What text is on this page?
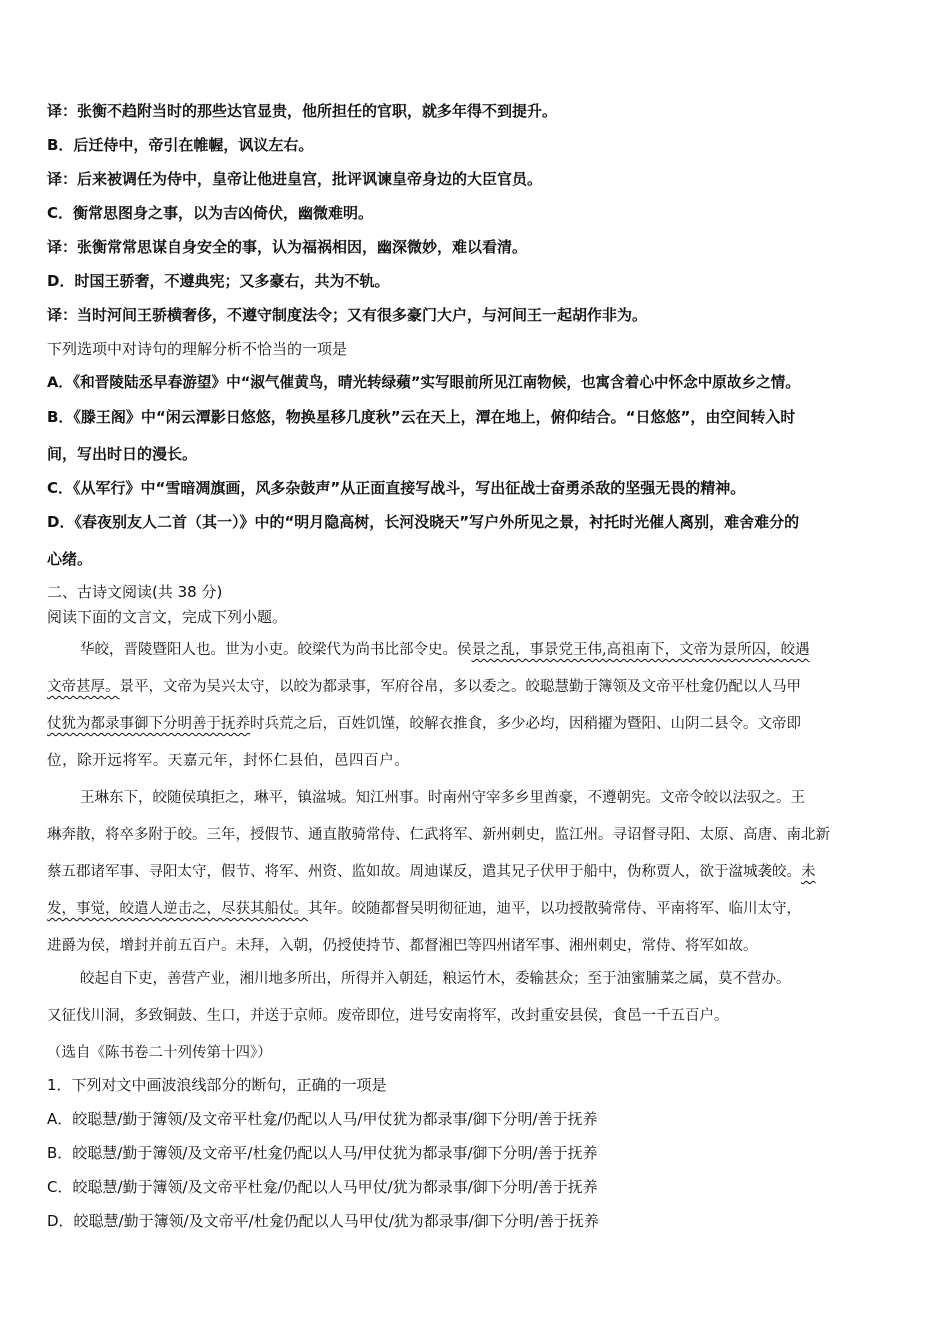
译：张衡不趋附当时的那些达官显贵，他所担任的官职，就多年得不到提升。
B．后迁侍中，帝引在帷幄，讽议左右。
译：后来被调任为侍中，皇帝让他进皇宫，批评讽谏皇帝身边的大臣官员。
C．衡常思图身之事，以为吉凶倚伏，幽微难明。
译：张衡常常思谋自身安全的事，认为福祸相因，幽深微妙，难以看清。
D．时国王骄奢，不遵典宪；又多豪右，共为不轨。
译：当时河间王骄横奢侈，不遵守制度法令；又有很多豪门大户，与河间王一起胡作非为。
下列选项中对诗句的理解分析不恰当的一项是
A．《和晋陵陆丞早春游望》中“淑气催黄鸟，晴光转绿蘋”实写眼前所见江南物候，也寓含着心中怀念中原故乡之情。
B．《滕王阁》中“闲云潭影日悠悠，物换星移几度秋”云在天上，潭在地上，俯仰结合。“日悠悠”，由空间转入时
间，写出时日的漫长。
C．《从军行》中“雪暗凋旗画，风多杂鼓声”从正面直接写战斗，写出征战士奋勇杀敌的坚强无畏的精神。
D．《春夜别友人二首（其一）》中的“明月隐高树，长河没晓天”写户外所见之景，衬托时光催人离别，难舍难分的
心绪。
二、古诗文阅读(共 38 分)
阅读下面的文言文，完成下列小题。
华皎，晋陵暨阳人也。世为小吏。皎梁代为尚书比部令史。侯景之乱，事景党王伟,高祖南下，文帝为景所囚，皎遇
文帝甚厚。景平，文帝为吴兴太守，以皎为都录事，军府谷帛，多以委之。皎聪慧勤于簿领及文帝平杜龛仍配以人马甲
仗犹为都录事御下分明善于抚养时兵荒之后，百姓饥馑，皎解衣推食，多少必均，因稍擢为暨阳、山阴二县令。文帝即
位，除开远将军。天嘉元年，封怀仁县伯，邑四百户。
王琳东下，皎随侯瑱拒之，琳平，镇湓城。知江州事。时南州守宰多乡里酋豪，不遵朝宪。文帝令皎以法驭之。王
琳奔散，将卒多附于皎。三年，授假节、通直散骑常侍、仁武将军、新州刺史，监江州。寻诏督寻阳、太原、高唐、南北新
蔡五郡诸军事、寻阳太守，假节、将军、州资、监如故。周迪谋反，遣其兄子伏甲于船中，伪称贾人，欲于湓城袭皎。未
发，事觉，皎遣人逆击之，尽获其船仗。其年。皎随都督吴明彻征迪，迪平，以功授散骑常侍、平南将军、临川太守，
进爵为侯，增封并前五百户。未拜，入朝，仍授使持节、都督湘巴等四州诸军事、湘州刺史，常侍、将军如故。
皎起自下吏，善营产业，湘川地多所出，所得并入朝廷，粮运竹木，委输甚众；至于油蜜脯菜之属，莫不营办。
又征伐川洞，多致铜鼓、生口，并送于京师。废帝即位，进号安南将军，改封重安县侯，食邑一千五百户。
（选自《陈书卷二十列传第十四》）
1．下列对文中画波浪线部分的断句，正确的一项是
A．皎聪慧/勤于簿领/及文帝平杜龛/仍配以人马/甲仗犹为都录事/御下分明/善于抚养
B．皎聪慧/勤于簿领/及文帝平/杜龛仍配以人马/甲仗犹为都录事/御下分明/善于抚养
C．皎聪慧/勤于簿领/及文帝平杜龛/仍配以人马甲仗/犹为都录事/御下分明/善于抚养
D．皎聪慧/勤于簿领/及文帝平/杜龛仍配以人马甲仗/犹为都录事/御下分明/善于抚养
